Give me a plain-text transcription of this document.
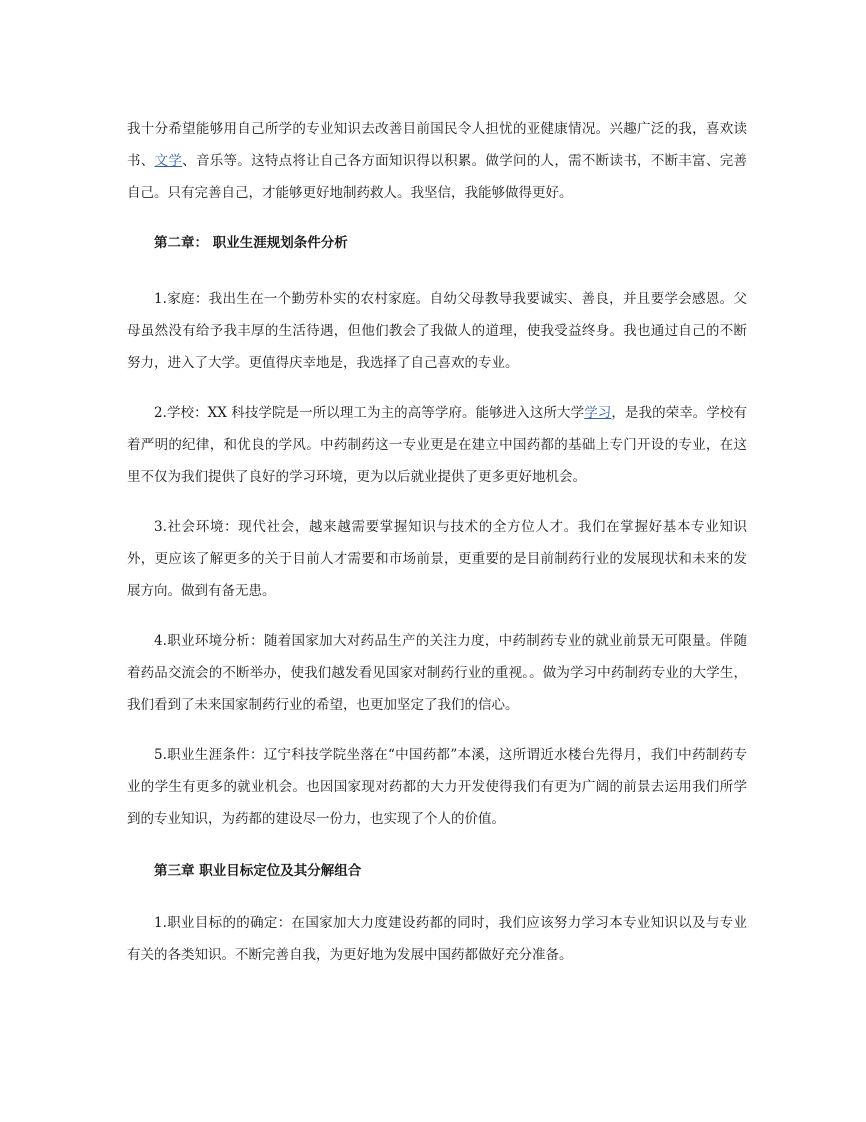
我十分希望能够用自己所学的专业知识去改善目前国民令人担忧的亚健康情况。兴趣广泛的我，喜欢读书、文学、音乐等。这特点将让自己各方面知识得以积累。做学问的人，需不断读书，不断丰富、完善自己。只有完善自己，才能够更好地制药救人。我坚信，我能够做得更好。

第二章： 职业生涯规划条件分析

1.家庭：我出生在一个勤劳朴实的农村家庭。自幼父母教导我要诚实、善良，并且要学会感恩。父母虽然没有给予我丰厚的生活待遇，但他们教会了我做人的道理，使我受益终身。我也通过自己的不断努力，进入了大学。更值得庆幸地是，我选择了自己喜欢的专业。

2.学校：XX 科技学院是一所以理工为主的高等学府。能够进入这所大学学习，是我的荣幸。学校有着严明的纪律，和优良的学风。中药制药这一专业更是在建立中国药都的基础上专门开设的专业，在这里不仅为我们提供了良好的学习环境，更为以后就业提供了更多更好地机会。

3.社会环境：现代社会，越来越需要掌握知识与技术的全方位人才。我们在掌握好基本专业知识外，更应该了解更多的关于目前人才需要和市场前景，更重要的是目前制药行业的发展现状和未来的发展方向。做到有备无患。

4.职业环境分析：随着国家加大对药品生产的关注力度，中药制药专业的就业前景无可限量。伴随着药品交流会的不断举办，使我们越发看见国家对制药行业的重视。。做为学习中药制药专业的大学生，我们看到了未来国家制药行业的希望，也更加坚定了我们的信心。

5.职业生涯条件：辽宁科技学院坐落在“中国药都”本溪，这所谓近水楼台先得月，我们中药制药专业的学生有更多的就业机会。也因国家现对药都的大力开发使得我们有更为广阔的前景去运用我们所学到的专业知识，为药都的建设尽一份力，也实现了个人的价值。

第三章 职业目标定位及其分解组合

1.职业目标的的确定：在国家加大力度建设药都的同时，我们应该努力学习本专业知识以及与专业有关的各类知识。不断完善自我，为更好地为发展中国药都做好充分准备。
